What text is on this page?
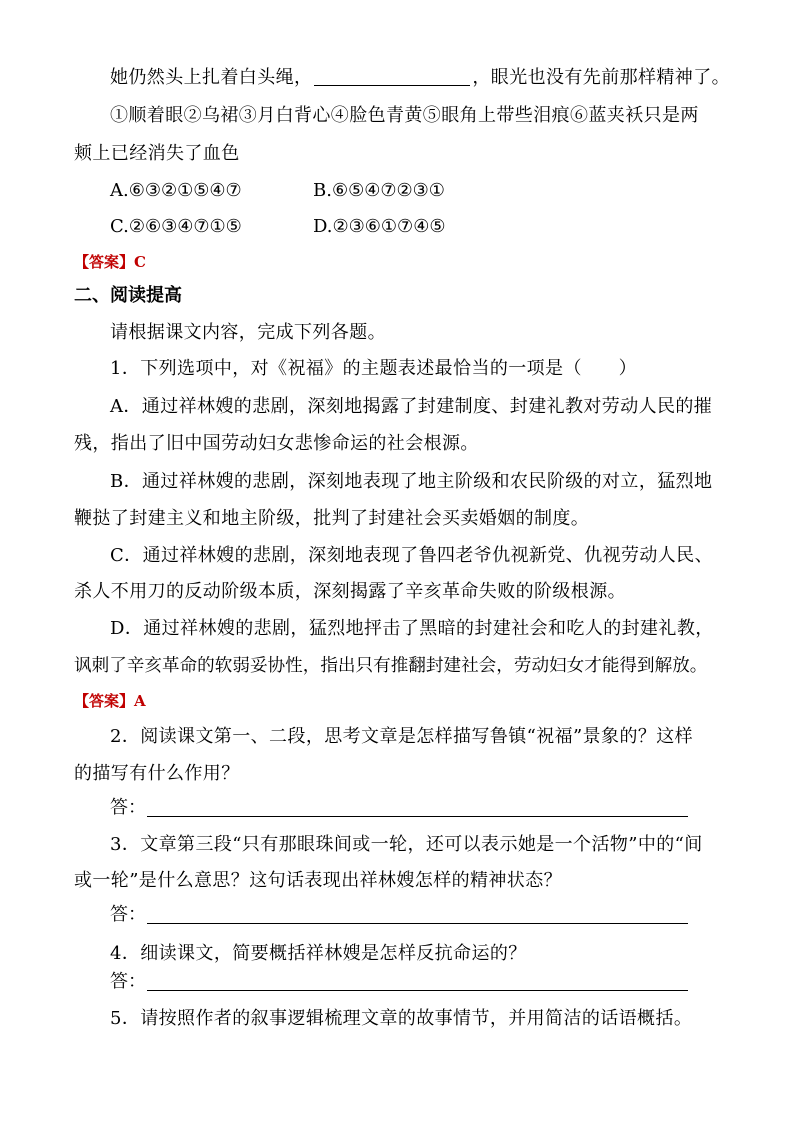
她仍然头上扎着白头绳，	，眼光也没有先前那样精神了。
①顺着眼②乌裙③月白背心④脸色青黄⑤眼角上带些泪痕⑥蓝夹袄只是两
颊上已经消失了血色
A.⑥③②①⑤④⑦	B.⑥⑤④⑦②③①
C.②⑥③④⑦①⑤	D.②③⑥①⑦④⑤
【答案】C
二、阅读提高
请根据课文内容，完成下列各题。
1．下列选项中，对《祝福》的主题表述最恰当的一项是（　　）
A．通过祥林嫂的悲剧，深刻地揭露了封建制度、封建礼教对劳动人民的摧
残，指出了旧中国劳动妇女悲惨命运的社会根源。
B．通过祥林嫂的悲剧，深刻地表现了地主阶级和农民阶级的对立，猛烈地
鞭挞了封建主义和地主阶级，批判了封建社会买卖婚姻的制度。
C．通过祥林嫂的悲剧，深刻地表现了鲁四老爷仇视新党、仇视劳动人民、
杀人不用刀的反动阶级本质，深刻揭露了辛亥革命失败的阶级根源。
D．通过祥林嫂的悲剧，猛烈地抨击了黑暗的封建社会和吃人的封建礼教，
讽刺了辛亥革命的软弱妥协性，指出只有推翻封建社会，劳动妇女才能得到解放。
【答案】A
2．阅读课文第一、二段，思考文章是怎样描写鲁镇“祝福”景象的？这样
的描写有什么作用？
答：
3．文章第三段“只有那眼珠间或一轮，还可以表示她是一个活物”中的“间
或一轮”是什么意思？这句话表现出祥林嫂怎样的精神状态？
答：
4．细读课文，简要概括祥林嫂是怎样反抗命运的？
答：
5．请按照作者的叙事逻辑梳理文章的故事情节，并用简洁的话语概括。
